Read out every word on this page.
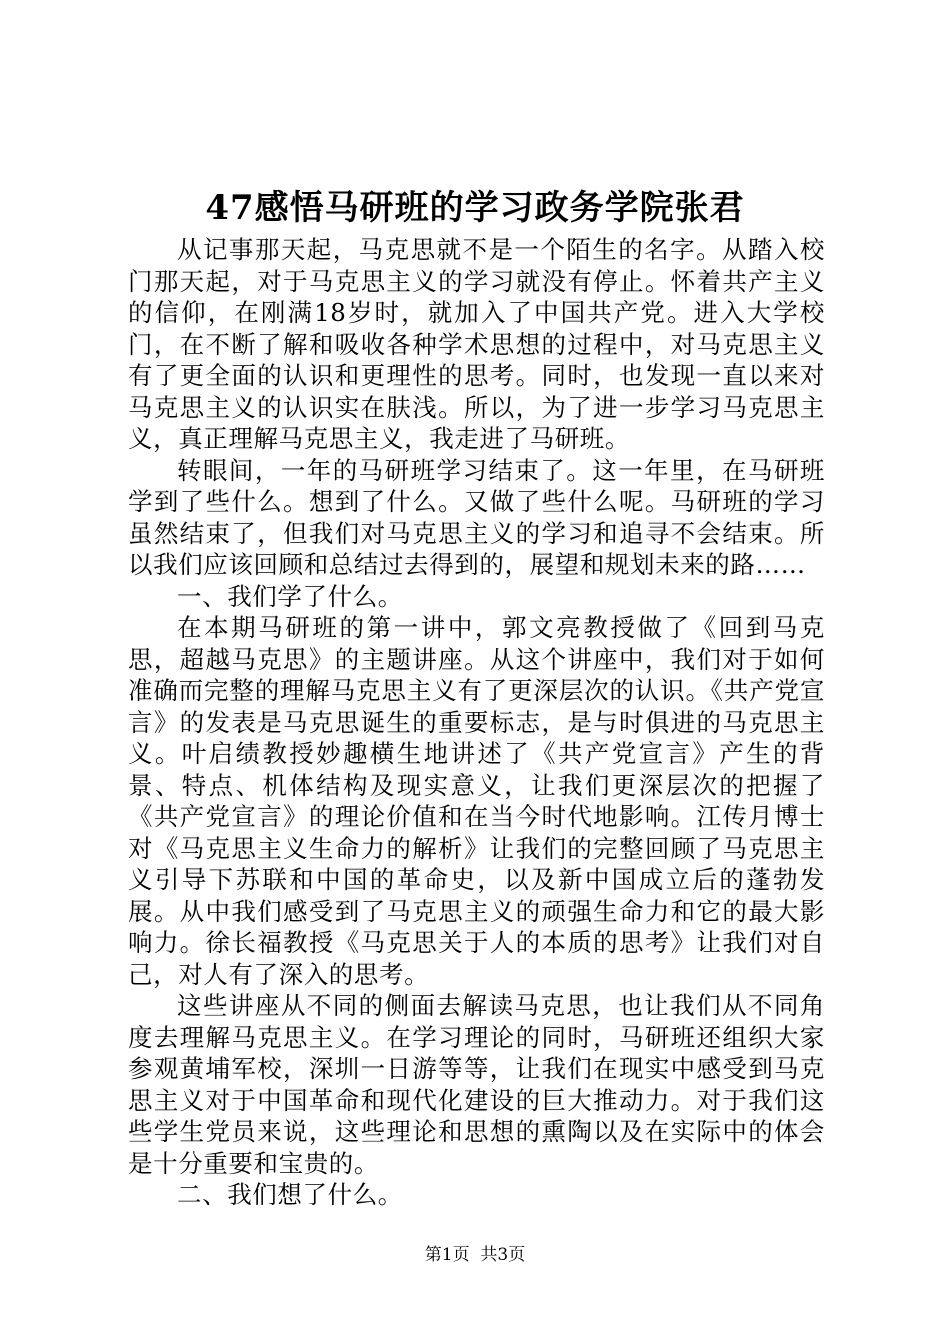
47感悟马研班的学习政务学院张君

从记事那天起，马克思就不是一个陌生的名字。从踏入校门那天起，对于马克思主义的学习就没有停止。怀着共产主义的信仰，在刚满18岁时，就加入了中国共产党。进入大学校门，在不断了解和吸收各种学术思想的过程中，对马克思主义有了更全面的认识和更理性的思考。同时，也发现一直以来对马克思主义的认识实在肤浅。所以，为了进一步学习马克思主义，真正理解马克思主义，我走进了马研班。

转眼间，一年的马研班学习结束了。这一年里，在马研班学到了些什么。想到了什么。又做了些什么呢。马研班的学习虽然结束了，但我们对马克思主义的学习和追寻不会结束。所以我们应该回顾和总结过去得到的，展望和规划未来的路……

一、我们学了什么。

在本期马研班的第一讲中，郭文亮教授做了《回到马克思，超越马克思》的主题讲座。从这个讲座中，我们对于如何准确而完整的理解马克思主义有了更深层次的认识。《共产党宣言》的发表是马克思诞生的重要标志，是与时俱进的马克思主义。叶启绩教授妙趣横生地讲述了《共产党宣言》产生的背景、特点、机体结构及现实意义，让我们更深层次的把握了《共产党宣言》的理论价值和在当今时代地影响。江传月博士对《马克思主义生命力的解析》让我们的完整回顾了马克思主义引导下苏联和中国的革命史，以及新中国成立后的蓬勃发展。从中我们感受到了马克思主义的顽强生命力和它的最大影响力。徐长福教授《马克思关于人的本质的思考》让我们对自己，对人有了深入的思考。

这些讲座从不同的侧面去解读马克思，也让我们从不同角度去理解马克思主义。在学习理论的同时，马研班还组织大家参观黄埔军校，深圳一日游等等，让我们在现实中感受到马克思主义对于中国革命和现代化建设的巨大推动力。对于我们这些学生党员来说，这些理论和思想的熏陶以及在实际中的体会是十分重要和宝贵的。

二、我们想了什么。

第1页  共3页
